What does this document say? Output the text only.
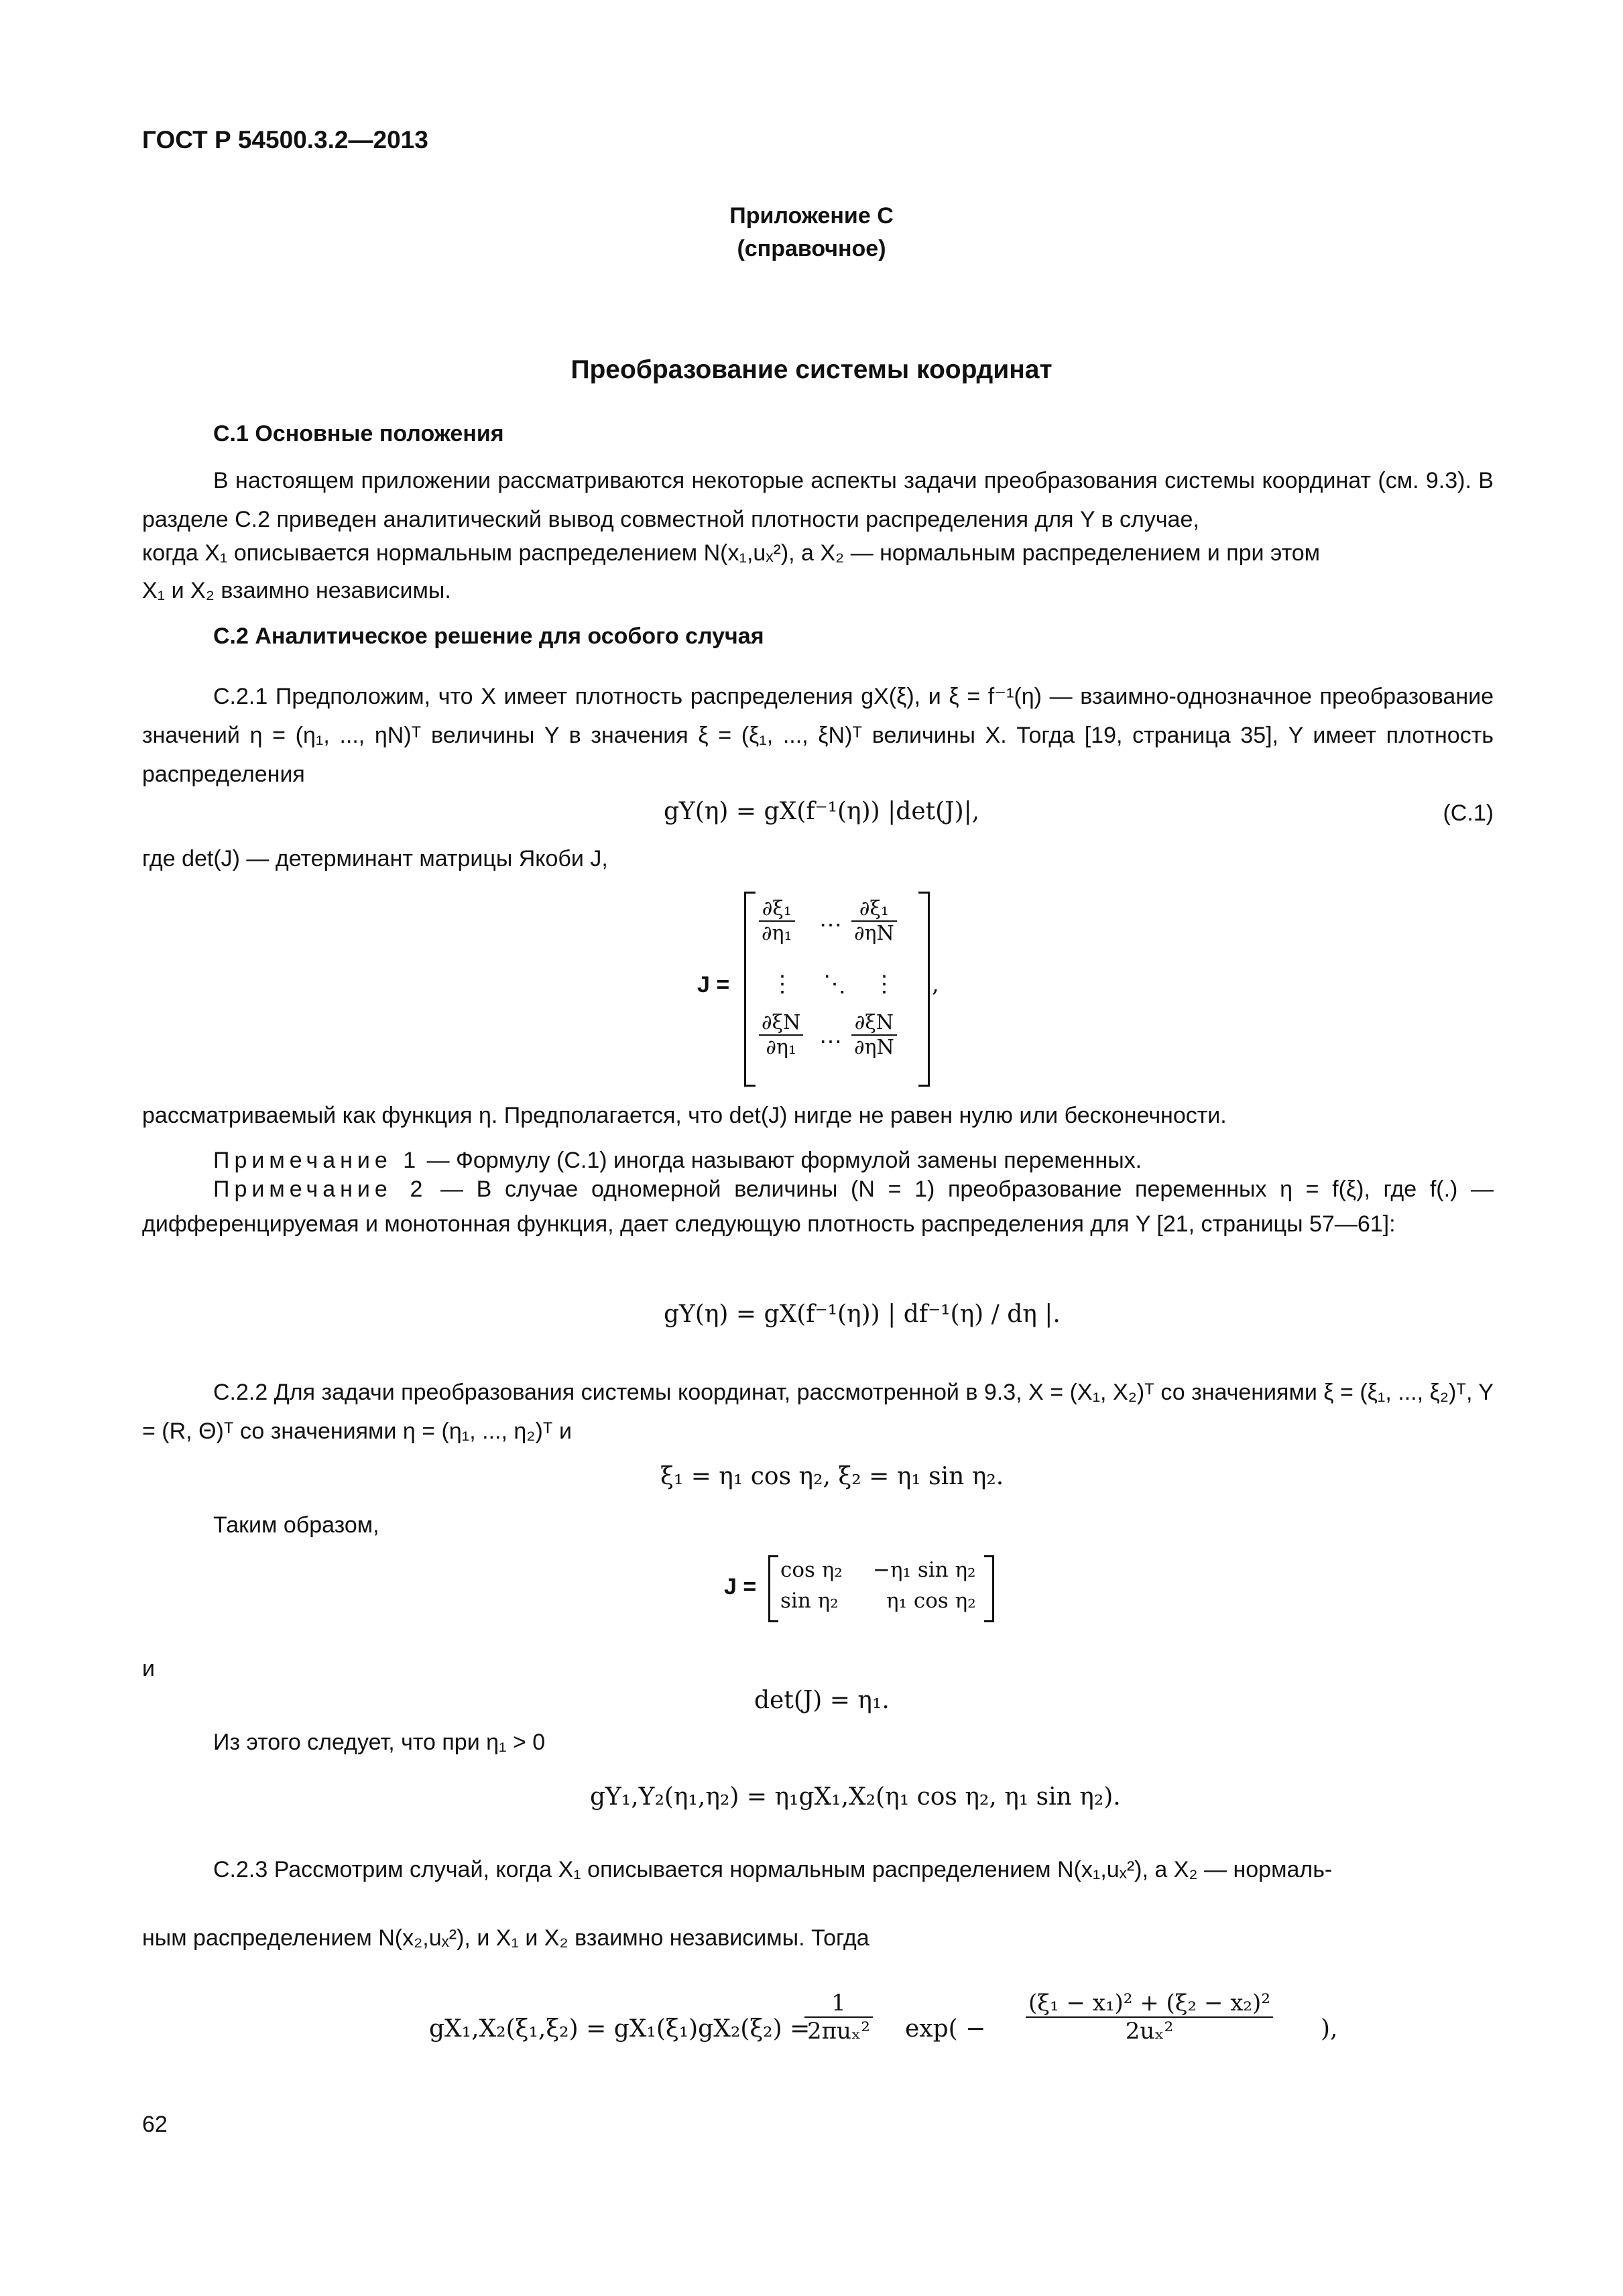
ГОСТ Р 54500.3.2—2013
Приложение C
(справочное)
Преобразование системы координат
C.1 Основные положения
В настоящем приложении рассматриваются некоторые аспекты задачи преобразования системы координат (см. 9.3). В разделе C.2 приведен аналитический вывод совместной плотности распределения для Y в случае,
когда X₁ описывается нормальным распределением N(x₁,uₓ²), а X₂ — нормальным распределением и при этом
X₁ и X₂ взаимно независимы.
C.2 Аналитическое решение для особого случая
C.2.1 Предположим, что X имеет плотность распределения gX(ξ), и ξ = f⁻¹(η) — взаимно-однозначное преобразование значений η = (η₁, ..., ηN)ᵀ величины Y в значения ξ = (ξ₁, ..., ξN)ᵀ величины X. Тогда [19, страница 35], Y имеет плотность распределения
gY(η) = gX(f⁻¹(η)) |det(J)|,	(C.1)
где det(J) — детерминант матрицы Якоби J,
J =
$\frac{\text{∂ξ₁}}{\text{∂η₁}}$ ⋯ $\frac{\text{∂ξ₁}}{\partial\eta N}$
⋮ ⋱ ⋮
$\frac{\partial\xi N}{\text{∂η₁}}$ ⋯ $\frac{\partial\xi N}{\partial\eta N}$
,
рассматриваемый как функция η. Предполагается, что det(J) нигде не равен нулю или бесконечности.
Примечание 1 — Формулу (C.1) иногда называют формулой замены переменных.
Примечание 2 — В случае одномерной величины (N = 1) преобразование переменных η = f(ξ), где f(.) — дифференцируемая и монотонная функция, дает следующую плотность распределения для Y [21, страницы 57—61]:
gY(η) = gX(f⁻¹(η)) | df⁻¹(η) / dη |.
C.2.2 Для задачи преобразования системы координат, рассмотренной в 9.3, X = (X₁, X₂)ᵀ со значениями ξ = (ξ₁, ..., ξ₂)ᵀ, Y = (R, Θ)ᵀ со значениями η = (η₁, ..., η₂)ᵀ и
ξ₁ = η₁ cos η₂, ξ₂ = η₁ sin η₂.
Таким образом,
J =
cos η₂ −η₁ sin η₂
sin η₂ η₁ cos η₂
и
det(J) = η₁.
Из этого следует, что при η₁ > 0
gY₁,Y₂(η₁,η₂) = η₁gX₁,X₂(η₁ cos η₂, η₁ sin η₂).
C.2.3 Рассмотрим случай, когда X₁ описывается нормальным распределением N(x₁,uₓ²), а X₂ — нормаль-
ным распределением N(x₂,uₓ²), и X₁ и X₂ взаимно независимы. Тогда
gX₁,X₂(ξ₁,ξ₂) = gX₁(ξ₁)gX₂(ξ₂) =
1
2πuₓ² $\exp( - \frac{\text{(ξ₁ − x₁)² + (ξ₂ − x₂)²}}{\text{2uₓ²}}$ ),
62
